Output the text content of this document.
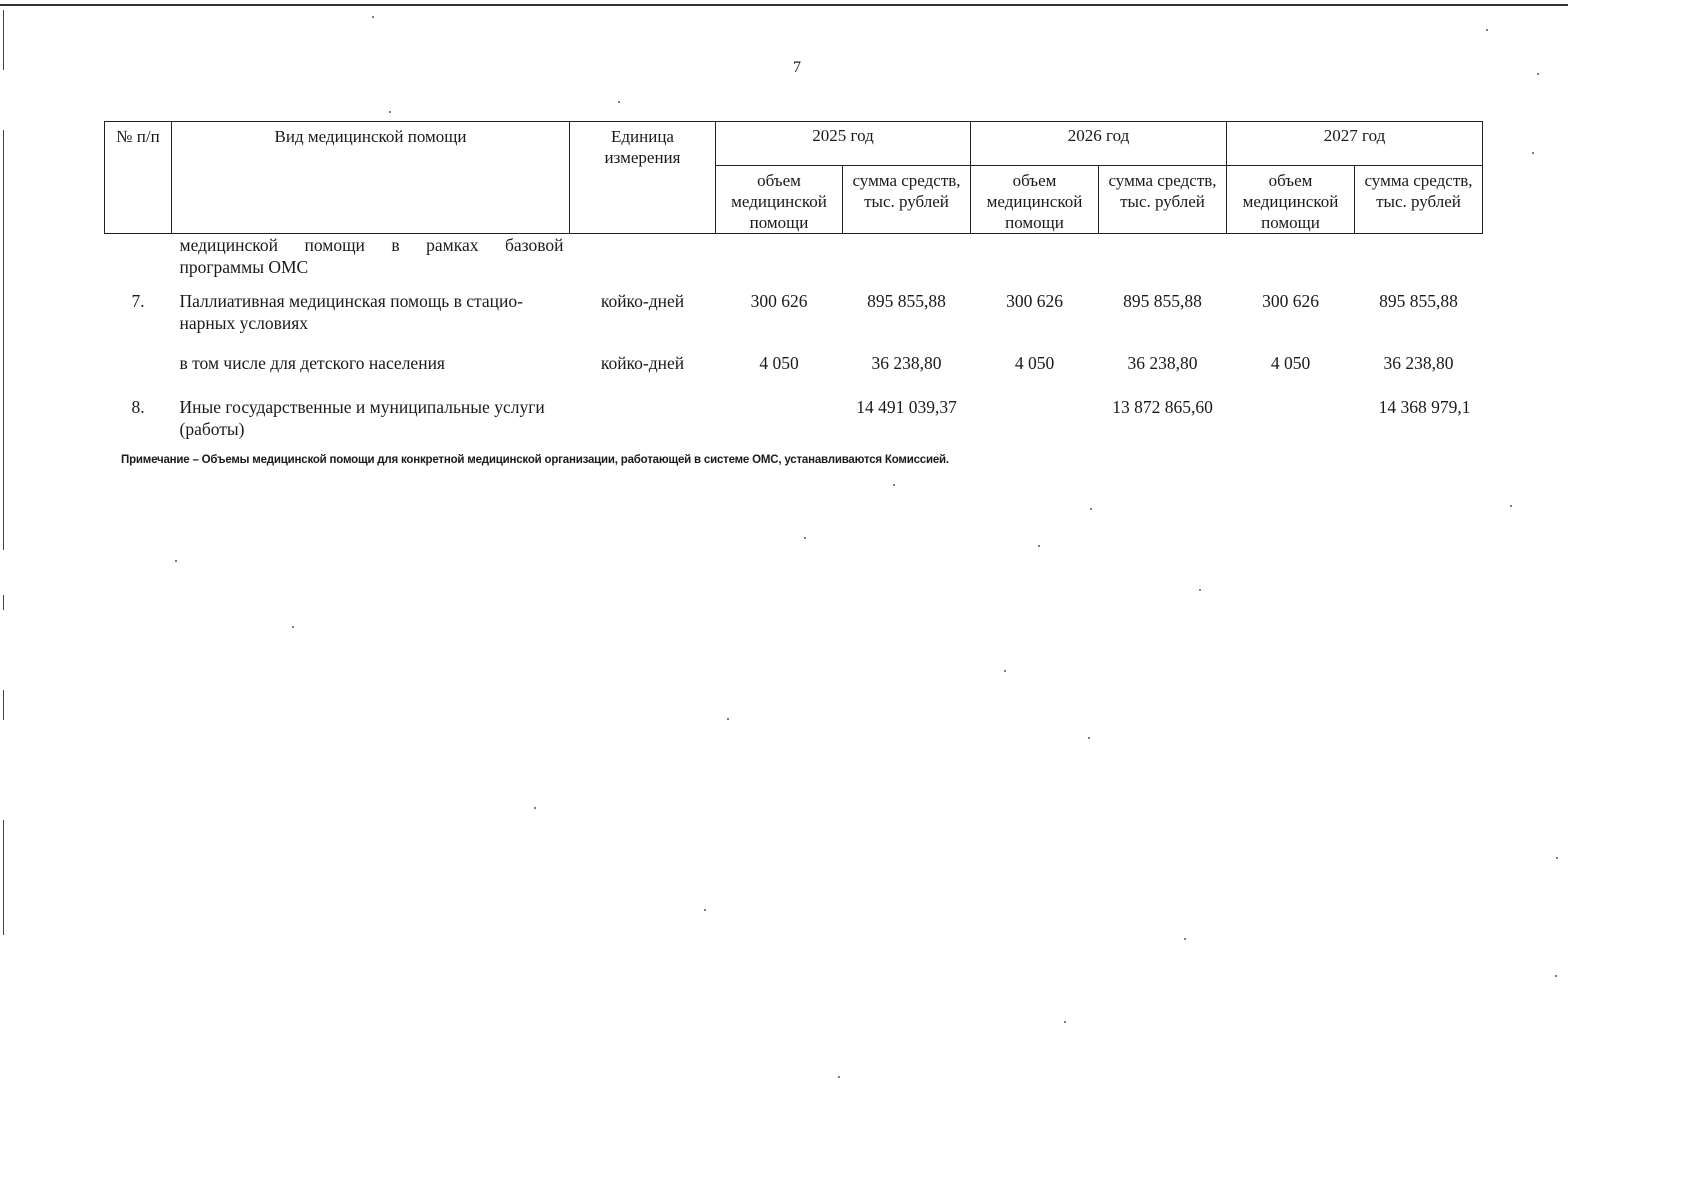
7
№ п/п	Вид медицинской помощи	Единица измерения	2025 год		2026 год		2027 год	
			объем медицинской помощи	сумма средств, тыс. рублей	объем медицинской помощи	сумма средств, тыс. рублей	объем медицинской помощи	сумма средств, тыс. рублей
	медицинской помощи в рамках базовой программы ОМС							
7.	Паллиативная медицинская помощь в стацио-нарных условиях	койко-дней	300 626	895 855,88	300 626	895 855,88	300 626	895 855,88
	в том числе для детского населения	койко-дней	4 050	36 238,80	4 050	36 238,80	4 050	36 238,80
8.	Иные государственные и муниципальные услуги (работы)			14 491 039,37		13 872 865,60		14 368 979,1
Примечание – Объемы медицинской помощи для конкретной медицинской организации, работающей в системе ОМС, устанавливаются Комиссией.
